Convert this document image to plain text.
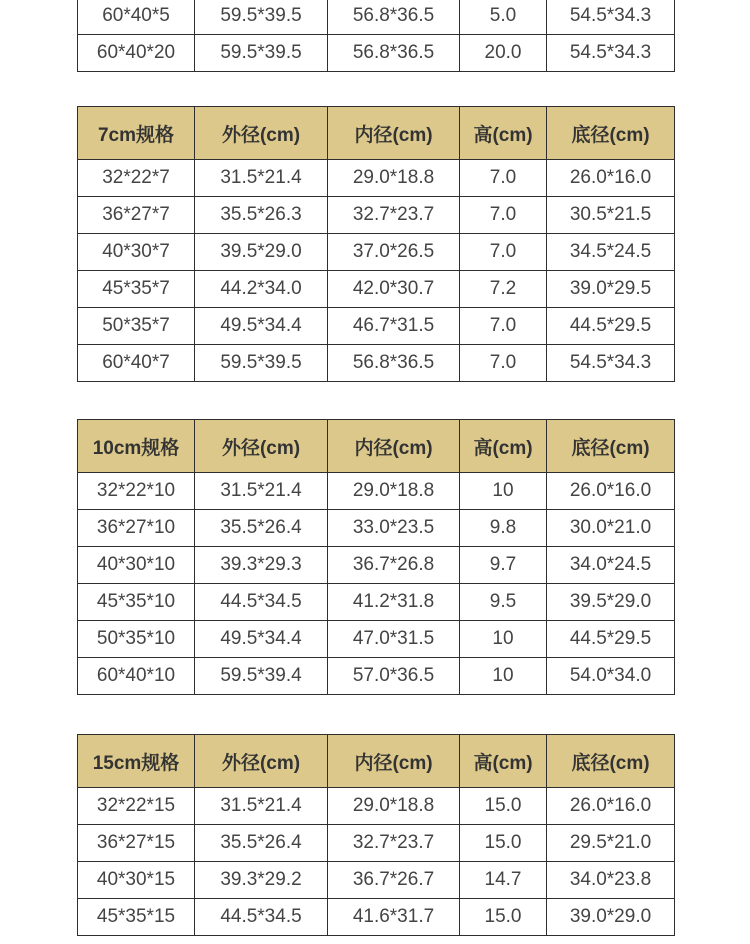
60*40*5	59.5*39.5	56.8*36.5	5.0	54.5*34.3
60*40*20	59.5*39.5	56.8*36.5	20.0	54.5*34.3
7cm规格	外径(cm)	内径(cm)	高(cm)	底径(cm)
32*22*7	31.5*21.4	29.0*18.8	7.0	26.0*16.0
36*27*7	35.5*26.3	32.7*23.7	7.0	30.5*21.5
40*30*7	39.5*29.0	37.0*26.5	7.0	34.5*24.5
45*35*7	44.2*34.0	42.0*30.7	7.2	39.0*29.5
50*35*7	49.5*34.4	46.7*31.5	7.0	44.5*29.5
60*40*7	59.5*39.5	56.8*36.5	7.0	54.5*34.3
10cm规格	外径(cm)	内径(cm)	高(cm)	底径(cm)
32*22*10	31.5*21.4	29.0*18.8	10	26.0*16.0
36*27*10	35.5*26.4	33.0*23.5	9.8	30.0*21.0
40*30*10	39.3*29.3	36.7*26.8	9.7	34.0*24.5
45*35*10	44.5*34.5	41.2*31.8	9.5	39.5*29.0
50*35*10	49.5*34.4	47.0*31.5	10	44.5*29.5
60*40*10	59.5*39.4	57.0*36.5	10	54.0*34.0
15cm规格	外径(cm)	内径(cm)	高(cm)	底径(cm)
32*22*15	31.5*21.4	29.0*18.8	15.0	26.0*16.0
36*27*15	35.5*26.4	32.7*23.7	15.0	29.5*21.0
40*30*15	39.3*29.2	36.7*26.7	14.7	34.0*23.8
45*35*15	44.5*34.5	41.6*31.7	15.0	39.0*29.0
